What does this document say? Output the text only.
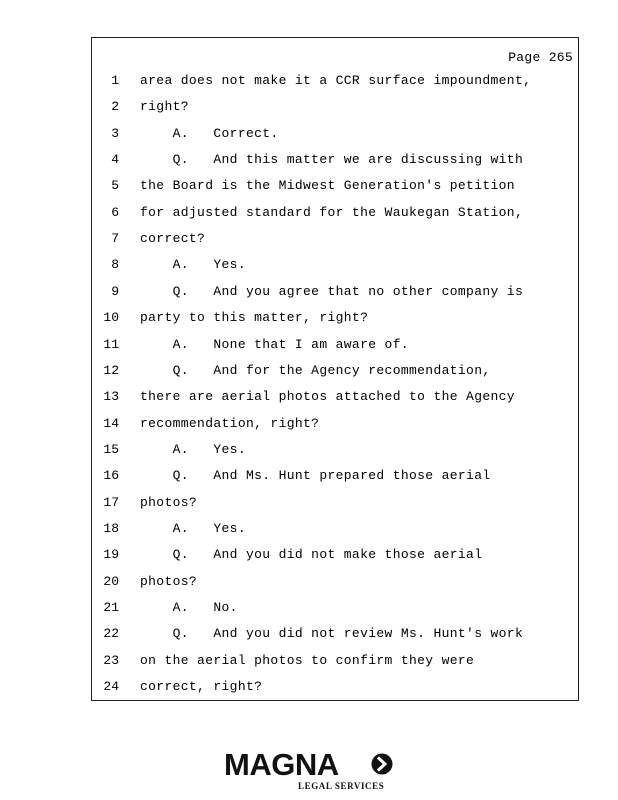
Page 265
1 area does not make it a CCR surface impoundment,
2 right?
3 A.   Correct.
4 Q.   And this matter we are discussing with
5 the Board is the Midwest Generation's petition
6 for adjusted standard for the Waukegan Station,
7 correct?
8 A.   Yes.
9 Q.   And you agree that no other company is
10 party to this matter, right?
11 A.   None that I am aware of.
12 Q.   And for the Agency recommendation,
13 there are aerial photos attached to the Agency
14 recommendation, right?
15 A.   Yes.
16 Q.   And Ms. Hunt prepared those aerial
17 photos?
18 A.   Yes.
19 Q.   And you did not make those aerial
20 photos?
21 A.   No.
22 Q.   And you did not review Ms. Hunt's work
23 on the aerial photos to confirm they were
24 correct, right?
MAGNA
LEGAL SERVICES
